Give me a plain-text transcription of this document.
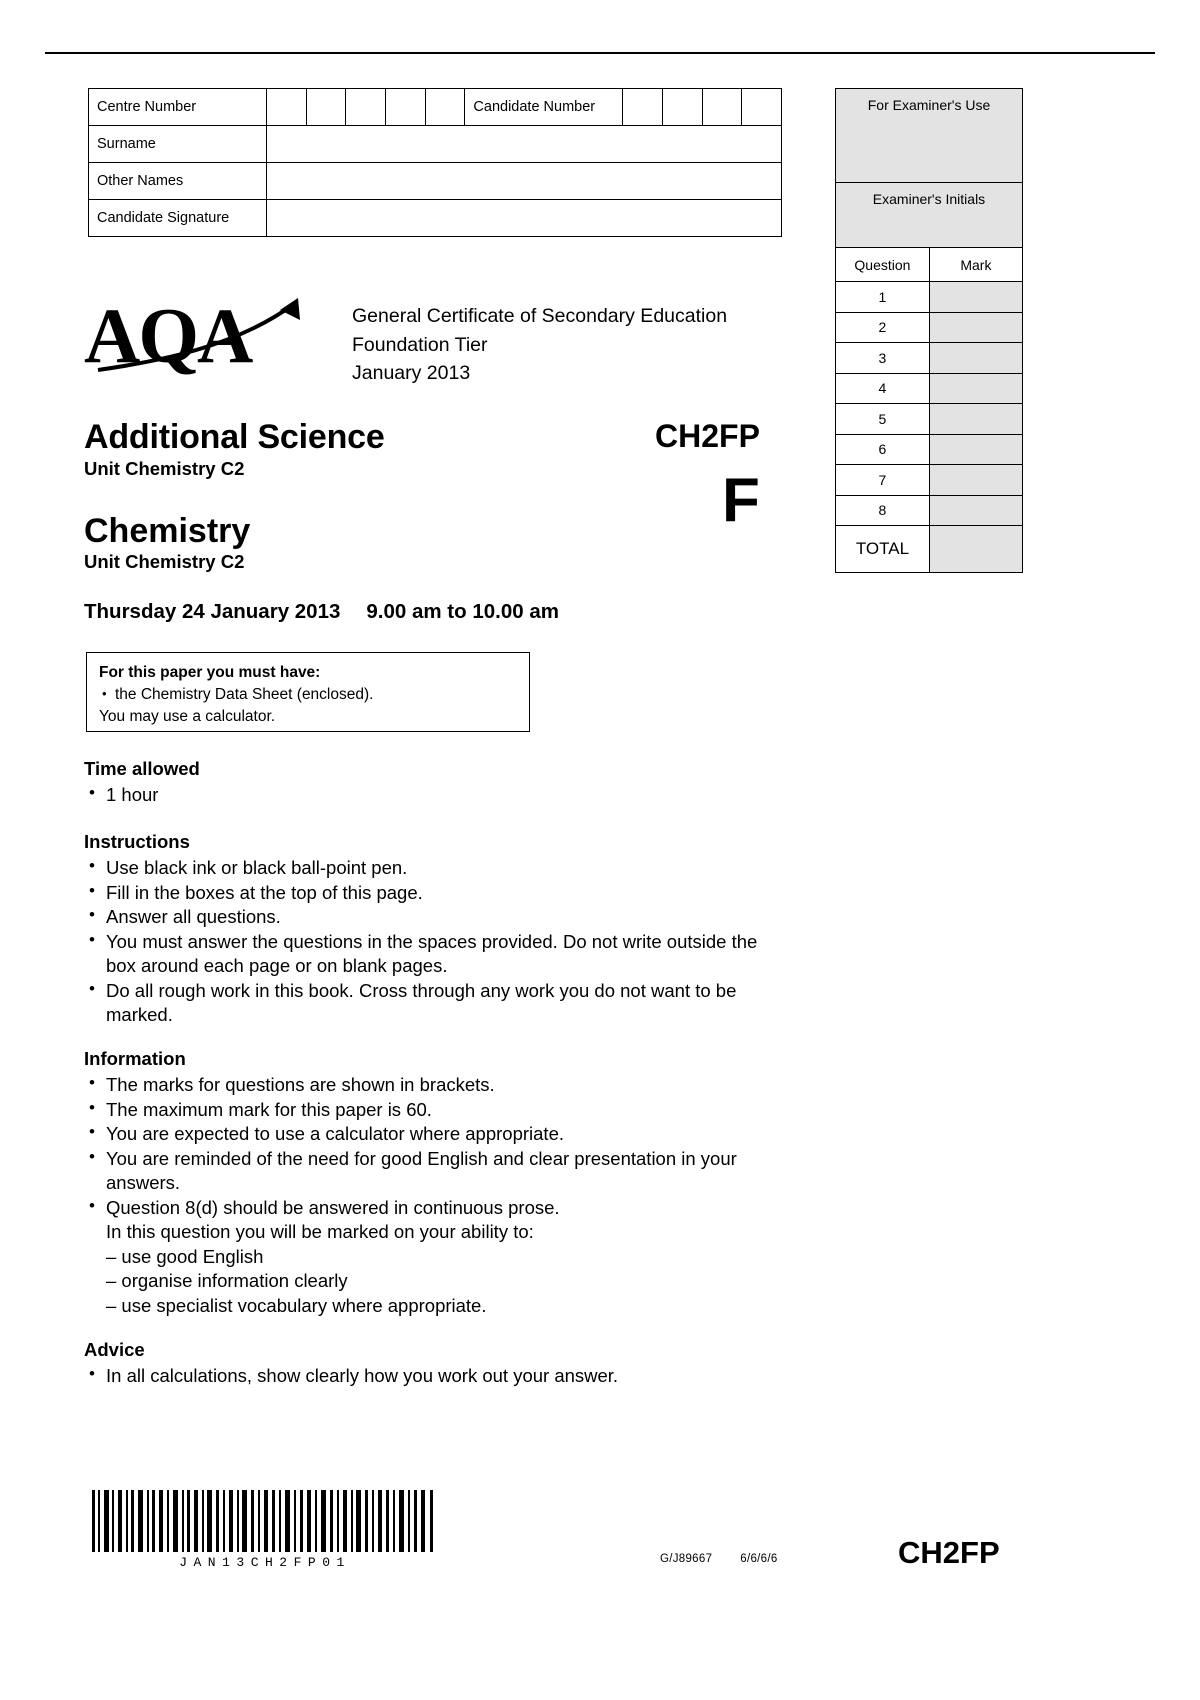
Centre Number						Candidate Number				
Surname										
Other Names										
Candidate Signature										
For Examiner's Use	
Examiner's Initials	
Question	Mark
1	
2	
3	
4	
5	
6	
7	
8	
TOTAL	
AQA	General Certificate of Secondary Education
Foundation Tier
January 2013
Additional Science
Unit Chemistry C2
Chemistry
Unit Chemistry C2
CH2FP
F
Thursday 24 January 2013 9.00 am to 10.00 am
For this paper you must have:
• the Chemistry Data Sheet (enclosed).
You may use a calculator.
Time allowed
• 1 hour
Instructions
• Use black ink or black ball-point pen.
• Fill in the boxes at the top of this page.
• Answer all questions.
• You must answer the questions in the spaces provided. Do not write outside the box around each page or on blank pages.
• Do all rough work in this book. Cross through any work you do not want to be marked.
Information
• The marks for questions are shown in brackets.
• The maximum mark for this paper is 60.
• You are expected to use a calculator where appropriate.
• You are reminded of the need for good English and clear presentation in your answers.
• Question 8(d) should be answered in continuous prose.
In this question you will be marked on your ability to:
– use good English
– organise information clearly
– use specialist vocabulary where appropriate.
Advice
• In all calculations, show clearly how you work out your answer.
JAN13CH2FP01	G/J89667 6/6/6/6	CH2FP
